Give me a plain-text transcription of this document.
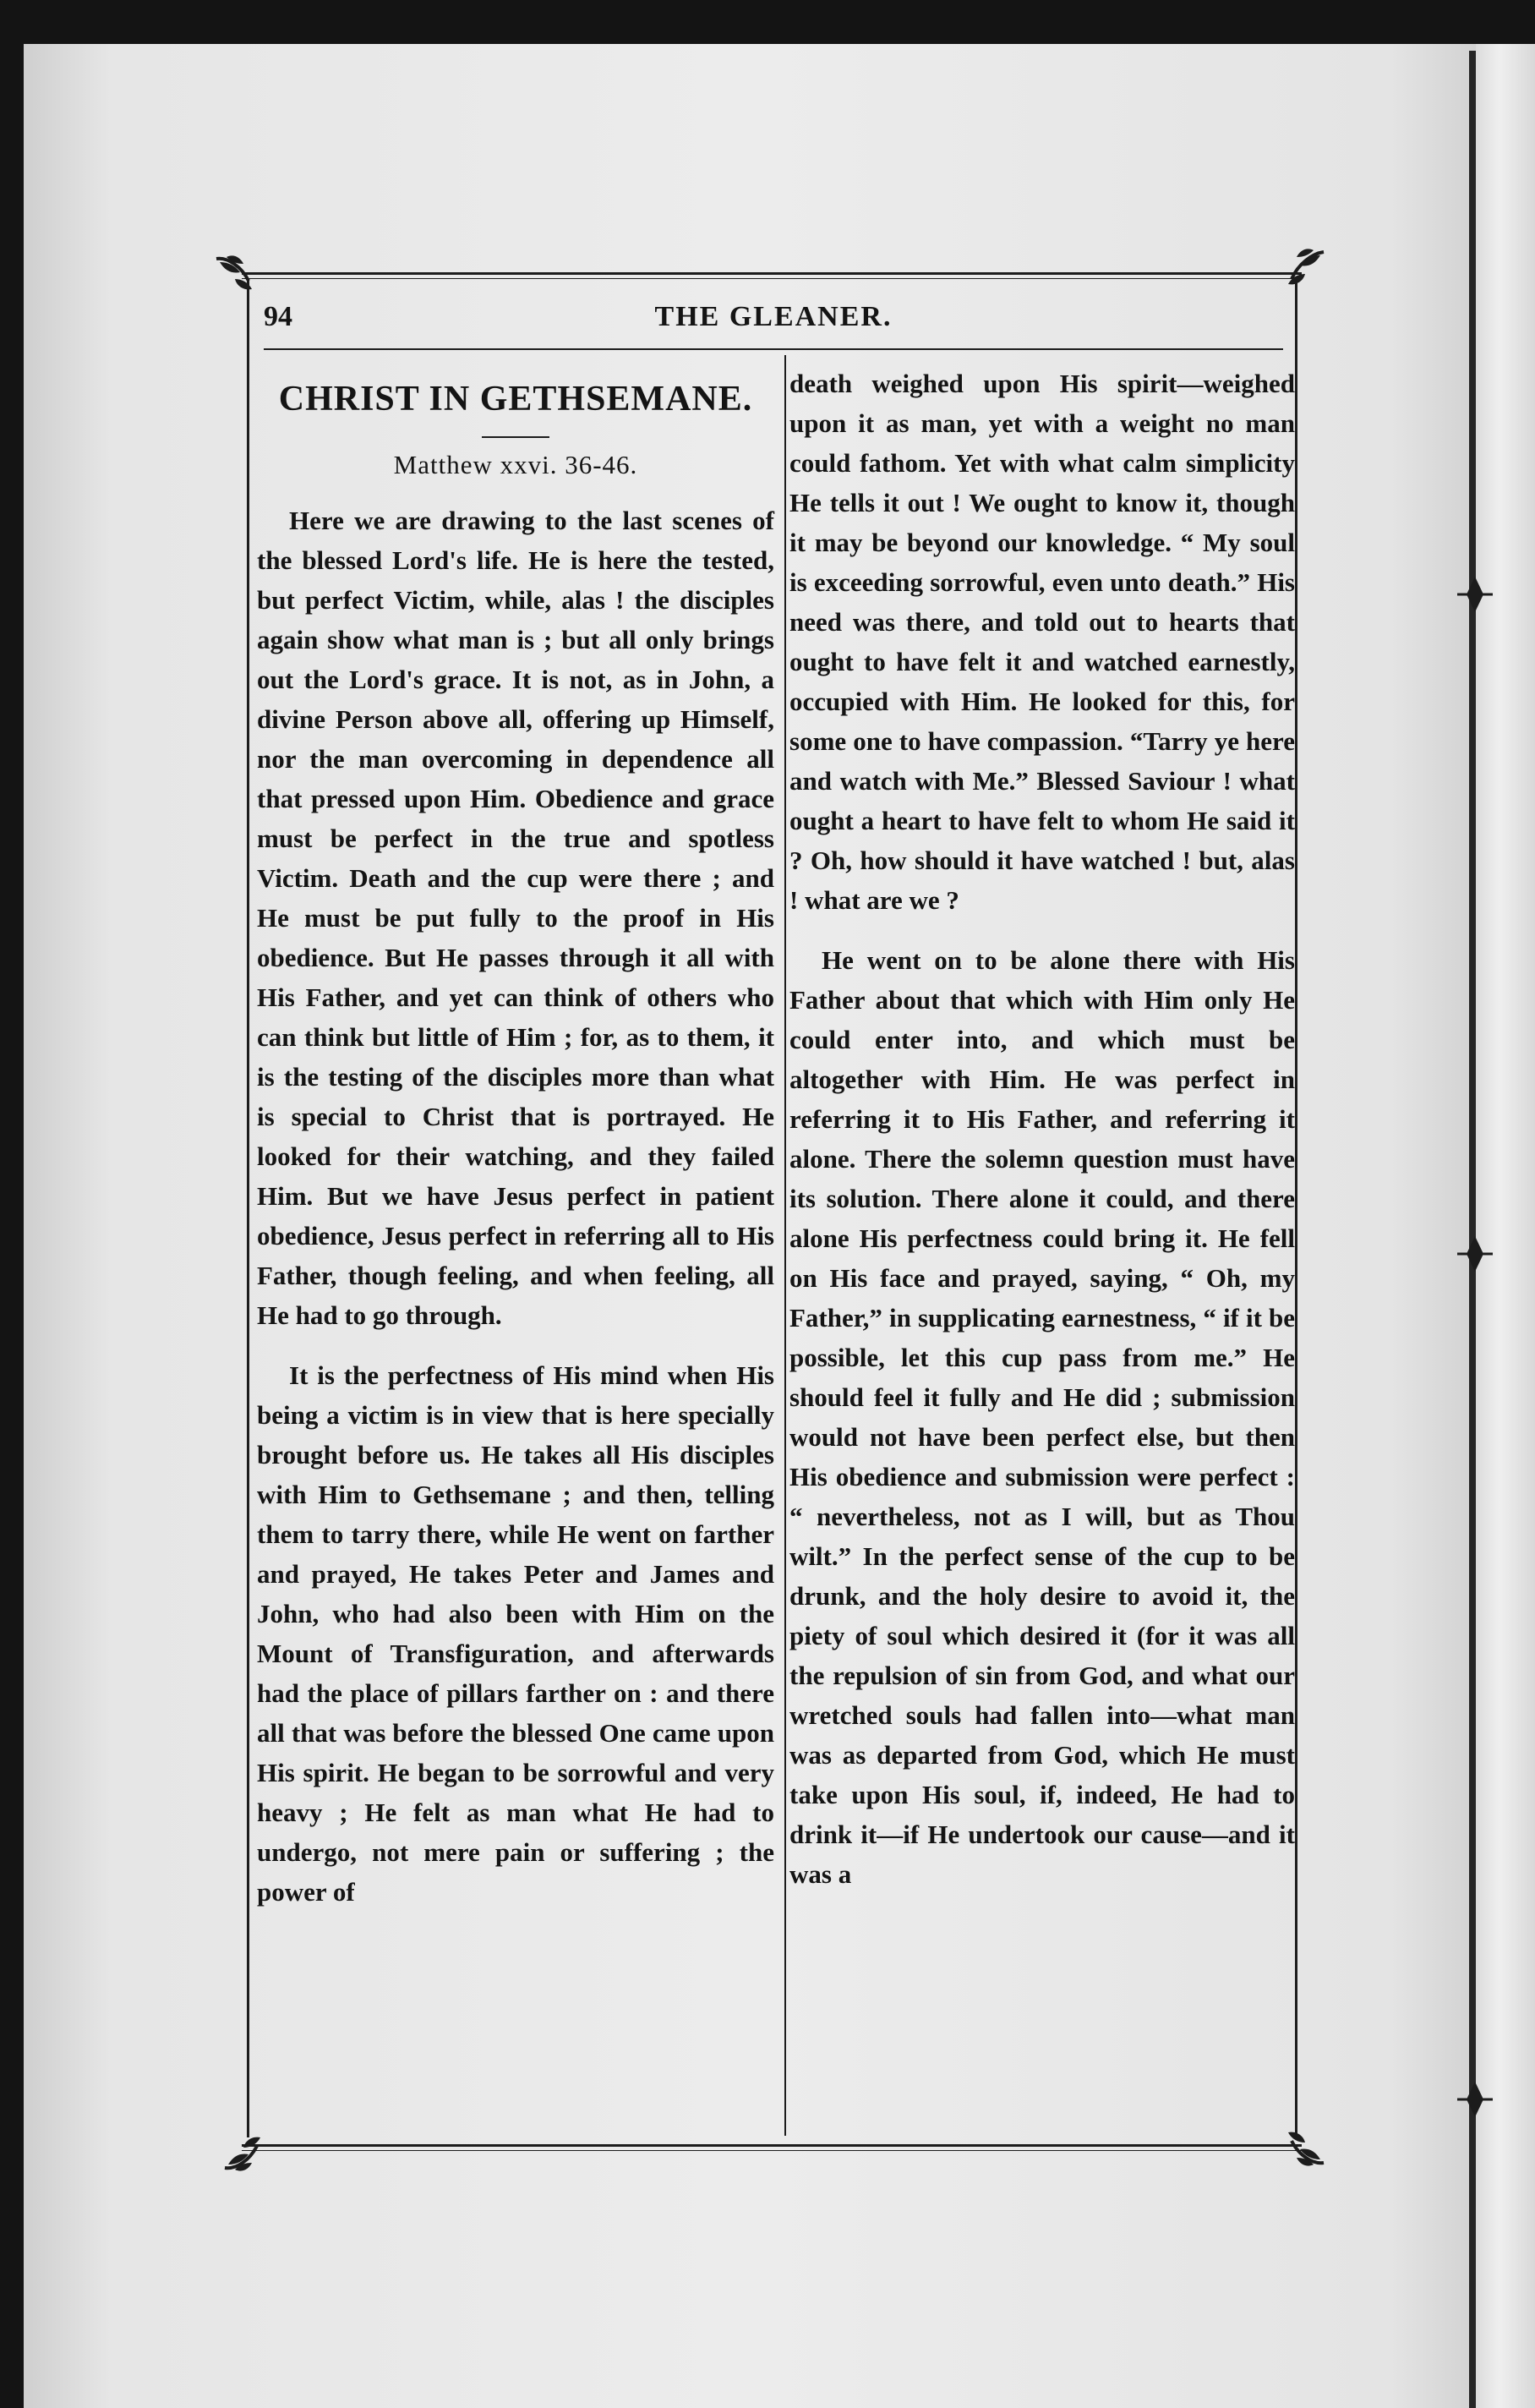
94	THE GLEANER.
CHRIST IN GETHSEMANE.
Matthew xxvi. 36-46.

Here we are drawing to the last scenes of the blessed Lord's life. He is here the tested, but perfect Victim, while, alas ! the disciples again show what man is ; but all only brings out the Lord's grace. It is not, as in John, a divine Person above all, offering up Himself, nor the man overcoming in dependence all that pressed upon Him. Obedience and grace must be perfect in the true and spotless Victim. Death and the cup were there ; and He must be put fully to the proof in His obedience. But He passes through it all with His Father, and yet can think of others who can think but little of Him ; for, as to them, it is the testing of the disciples more than what is special to Christ that is portrayed. He looked for their watching, and they failed Him. But we have Jesus perfect in patient obedience, Jesus perfect in referring all to His Father, though feeling, and when feeling, all He had to go through.

It is the perfectness of His mind when His being a victim is in view that is here specially brought before us. He takes all His disciples with Him to Gethsemane ; and then, telling them to tarry there, while He went on farther and prayed, He takes Peter and James and John, who had also been with Him on the Mount of Transfiguration, and afterwards had the place of pillars farther on : and there all that was before the blessed One came upon His spirit. He began to be sorrowful and very heavy ; He felt as man what He had to undergo, not mere pain or suffering ; the power of

death weighed upon His spirit—weighed upon it as man, yet with a weight no man could fathom. Yet with what calm simplicity He tells it out ! We ought to know it, though it may be beyond our knowledge. “ My soul is exceeding sorrowful, even unto death.” His need was there, and told out to hearts that ought to have felt it and watched earnestly, occupied with Him. He looked for this, for some one to have compassion. “Tarry ye here and watch with Me.” Blessed Saviour ! what ought a heart to have felt to whom He said it ? Oh, how should it have watched ! but, alas ! what are we ?

He went on to be alone there with His Father about that which with Him only He could enter into, and which must be altogether with Him. He was perfect in referring it to His Father, and referring it alone. There the solemn question must have its solution. There alone it could, and there alone His perfectness could bring it. He fell on His face and prayed, saying, “ Oh, my Father,” in supplicating earnestness, “ if it be possible, let this cup pass from me.” He should feel it fully and He did ; submission would not have been perfect else, but then His obedience and submission were perfect : “ nevertheless, not as I will, but as Thou wilt.” In the perfect sense of the cup to be drunk, and the holy desire to avoid it, the piety of soul which desired it (for it was all the repulsion of sin from God, and what our wretched souls had fallen into—what man was as departed from God, which He must take upon His soul, if, indeed, He had to drink it—if He undertook our cause—and it was a
